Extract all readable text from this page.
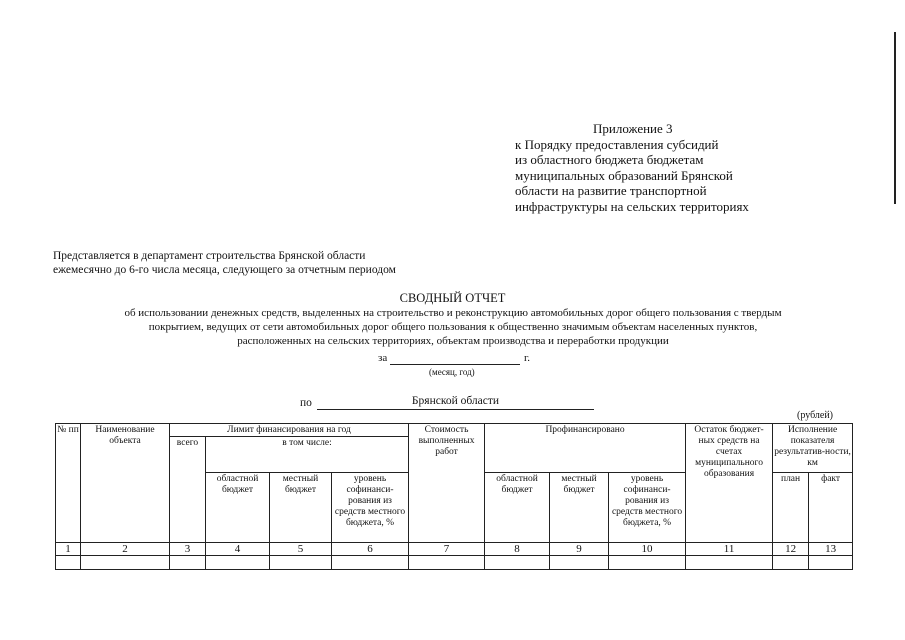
Приложение 3
к Порядку предоставления субсидий
из областного бюджета бюджетам
муниципальных образований Брянской
области на развитие транспортной
инфраструктуры на сельских территориях
Представляется в департамент строительства Брянской области
ежемесячно до 6-го числа месяца, следующего за отчетным периодом
СВОДНЫЙ ОТЧЕТ
об использовании денежных средств, выделенных на строительство и реконструкцию автомобильных дорог общего пользования с твердым
покрытием, ведущих от сети автомобильных дорог общего пользования к общественно значимым объектам населенных пунктов,
расположенных на сельских территориях, объектам производства и переработки продукции
за	г.
(месяц, год)
по	Брянской области
(рублей)
№ пп	Наименование объекта	Лимит финансирования на год				Стоимость выполненных работ	Профинансировано			Остаток бюджет-ных средств на счетах муниципального образования	Исполнение показателя результатив-ности, км	
		всего	в том числе:									
			областной бюджет	местный бюджет	уровень софинанси-рования из средств местного бюджета, %		областной бюджет	местный бюджет	уровень софинанси-рования из средств местного бюджета, %		план	факт
1	2	3	4	5	6	7	8	9	10	11	12	13
